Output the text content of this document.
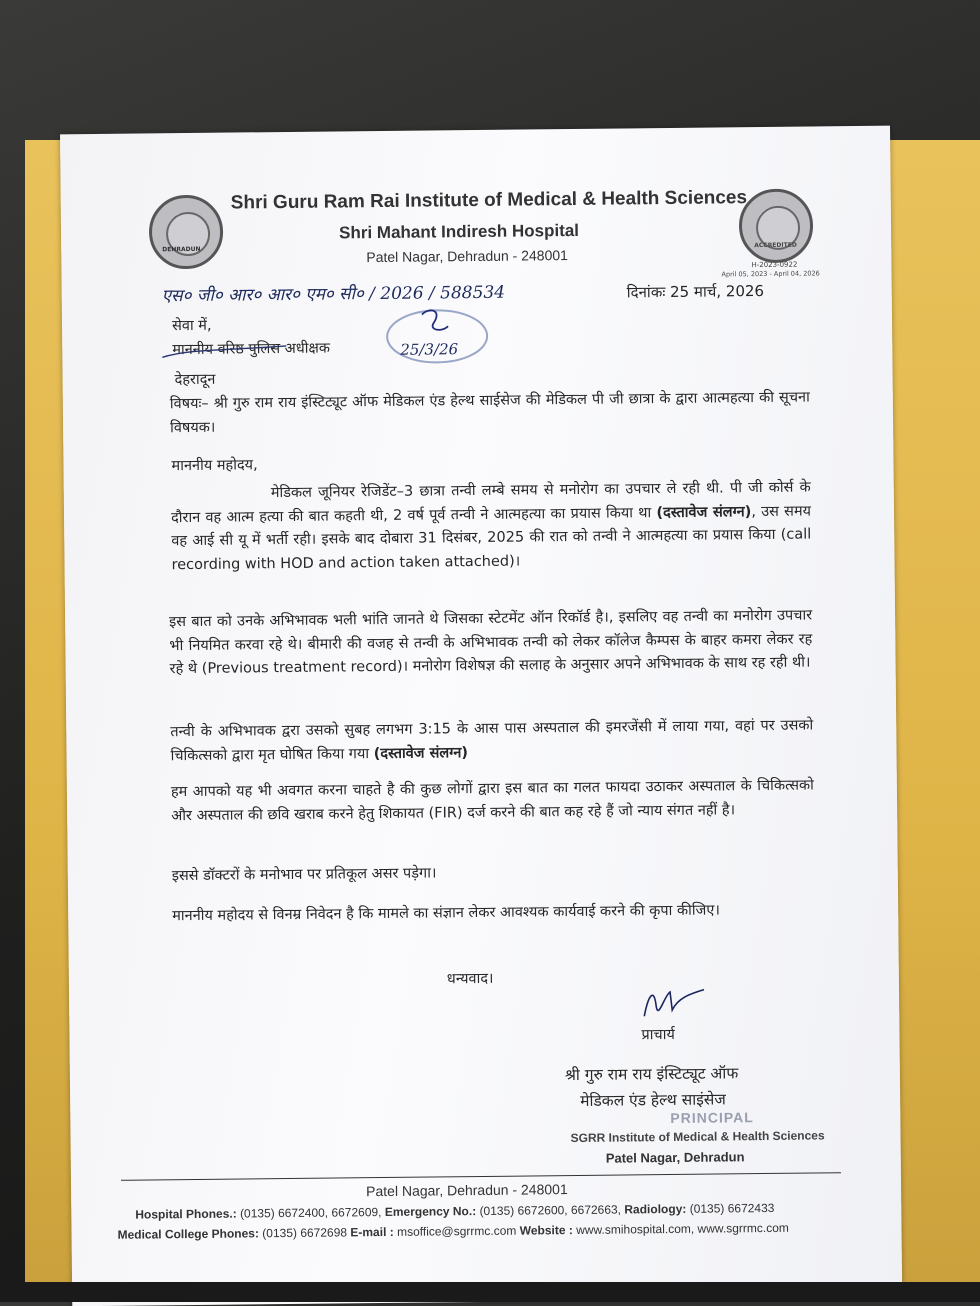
DEHRADUN
Shri Guru Ram Rai Institute of Medical & Health Sciences
Shri Mahant Indiresh Hospital
Patel Nagar, Dehradun - 248001
ACCREDITED
H-2023-0922
April 05, 2023 - April 04, 2026
एस० जी० आर० आर० एम० सी० / 2026 / 588534	दिनांकः 25 मार्च, 2026
सेवा में,
माननीय वरिष्ठ पुलिस अधीक्षक	25/3/26
देहरादून
विषयः– श्री गुरु राम राय इंस्टिट्यूट ऑफ मेडिकल एंड हेल्थ साईसेज की मेडिकल पी जी छात्रा के द्वारा आत्महत्या की सूचना विषयक।
माननीय महोदय,
मेडिकल जूनियर रेजिडेंट–3 छात्रा तन्वी लम्बे समय से मनोरोग का उपचार ले रही थी. पी जी कोर्स के दौरान वह आत्म हत्या की बात कहती थी, 2 वर्ष पूर्व तन्वी ने आत्महत्या का प्रयास किया था (दस्तावेज संलग्न), उस समय वह आई सी यू में भर्ती रही। इसके बाद दोबारा 31 दिसंबर, 2025 की रात को तन्वी ने आत्महत्या का प्रयास किया (call recording with HOD and action taken attached)।
इस बात को उनके अभिभावक भली भांति जानते थे जिसका स्टेटमेंट ऑन रिकॉर्ड है।, इसलिए वह तन्वी का मनोरोग उपचार भी नियमित करवा रहे थे। बीमारी की वजह से तन्वी के अभिभावक तन्वी को लेकर कॉलेज कैम्पस के बाहर कमरा लेकर रह रहे थे (Previous treatment record)। मनोरोग विशेषज्ञ की सलाह के अनुसार अपने अभिभावक के साथ रह रही थी।
तन्वी के अभिभावक द्वरा उसको सुबह लगभग 3:15 के आस पास अस्पताल की इमरजेंसी में लाया गया, वहां पर उसको चिकित्सको द्वारा मृत घोषित किया गया (दस्तावेज संलग्न)
हम आपको यह भी अवगत करना चाहते है की कुछ लोगों द्वारा इस बात का गलत फायदा उठाकर अस्पताल के चिकित्सको और अस्पताल की छवि खराब करने हेतु शिकायत (FIR) दर्ज करने की बात कह रहे हैं जो न्याय संगत नहीं है।
इससे डॉक्टरों के मनोभाव पर प्रतिकूल असर पड़ेगा।
माननीय महोदय से विनम्र निवेदन है कि मामले का संज्ञान लेकर आवश्यक कार्यवाई करने की कृपा कीजिए।
धन्यवाद।
प्राचार्य
श्री गुरु राम राय इंस्टिट्यूट ऑफ
मेडिकल एंड हेल्थ साइंसेज
PRINCIPAL
SGRR Institute of Medical & Health Sciences
Patel Nagar, Dehradun
Patel Nagar, Dehradun - 248001
Hospital Phones.: (0135) 6672400, 6672609, Emergency No.: (0135) 6672600, 6672663, Radiology: (0135) 6672433
Medical College Phones: (0135) 6672698 E-mail : msoffice@sgrrmc.com Website : www.smihospital.com, www.sgrrmc.com
